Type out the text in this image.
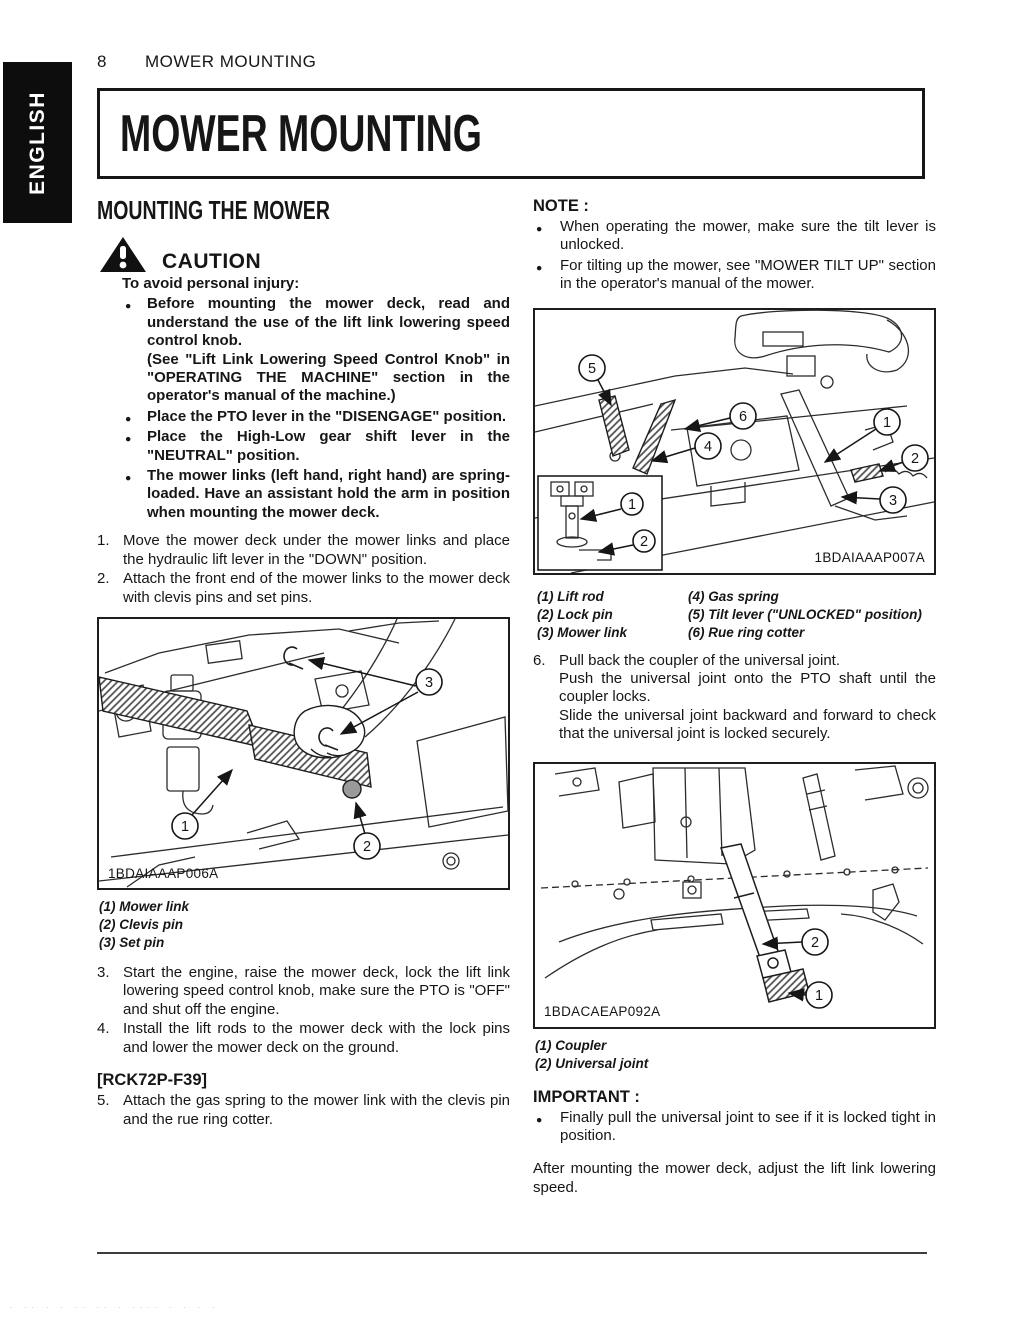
ENGLISH
8 MOWER MOUNTING
MOWER MOUNTING
MOUNTING THE MOWER
CAUTION

To avoid personal injury:

● Before mounting the mower deck, read and understand the use of the lift link lowering speed control knob.

(See "Lift Link Lowering Speed Control Knob" in "OPERATING THE MACHINE" section in the operator's manual of the machine.)

● Place the PTO lever in the "DISENGAGE" position.

● Place the High-Low gear shift lever in the "NEUTRAL" position.

● The mower links (left hand, right hand) are spring-loaded. Have an assistant hold the arm in position when mounting the mower deck.

1. Move the mower deck under the mower links and place the hydraulic lift lever in the "DOWN" position.

2. Attach the front end of the mower links to the mower deck with clevis pins and set pins.

3
1
2
1BDAIAAAP006A
(1) Mower link
(2) Clevis pin
(3) Set pin
3. Start the engine, raise the mower deck, lock the lift link lowering speed control knob, make sure the PTO is "OFF" and shut off the engine.

4. Install the lift rods to the mower deck with the lock pins and lower the mower deck on the ground.

[RCK72P-F39]

5. Attach the gas spring to the mower link with the clevis pin and the rue ring cotter.

NOTE :

● When operating the mower, make sure the tilt lever is unlocked.

● For tilting up the mower, see "MOWER TILT UP" section in the operator's manual of the mower.

5
6
4
1
2
3
1
2
1BDAIAAAP007A
(1) Lift rod	(4) Gas spring
(2) Lock pin	(5) Tilt lever ("UNLOCKED" position)
(3) Mower link	(6) Rue ring cotter
6. Pull back the coupler of the universal joint.

Push the universal joint onto the PTO shaft until the coupler locks.

Slide the universal joint backward and forward to check that the universal joint is locked securely.

2
1
1BDACAEAP092A
(1) Coupler
(2) Universal joint

IMPORTANT :

● Finally pull the universal joint to see if it is locked tight in position.

After mounting the mower deck, adjust the lift link lowering speed.

. .. . . .. .. . .... . . . .
